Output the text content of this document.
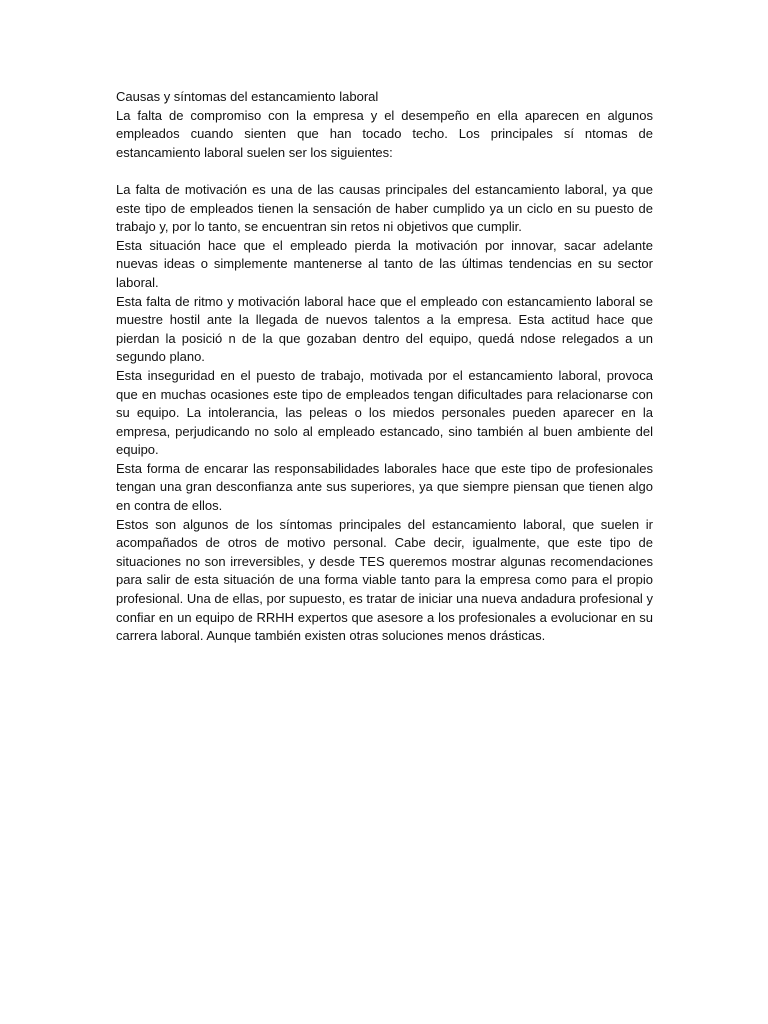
Causas y síntomas del estancamiento laboral

La falta de compromiso con la empresa y el desempeño en ella aparecen en algunos empleados cuando sienten que han tocado techo. Los principales sí ntomas de estancamiento laboral suelen ser los siguientes:

La falta de motivación es una de las causas principales del estancamiento laboral, ya que este tipo de empleados tienen la sensación de haber cumplido ya un ciclo en su puesto de trabajo y, por lo tanto, se encuentran sin retos ni objetivos que cumplir.

Esta situación hace que el empleado pierda la motivación por innovar, sacar adelante nuevas ideas o simplemente mantenerse al tanto de las últimas tendencias en su sector laboral.

Esta falta de ritmo y motivación laboral hace que el empleado con estancamiento laboral se muestre hostil ante la llegada de nuevos talentos a la empresa. Esta actitud hace que pierdan la posició n de la que gozaban dentro del equipo, quedá ndose relegados a un segundo plano.

Esta inseguridad en el puesto de trabajo, motivada por el estancamiento laboral, provoca que en muchas ocasiones este tipo de empleados tengan dificultades para relacionarse con su equipo. La intolerancia, las peleas o los miedos personales pueden aparecer en la empresa, perjudicando no solo al empleado estancado, sino también al buen ambiente del equipo.

Esta forma de encarar las responsabilidades laborales hace que este tipo de profesionales tengan una gran desconfianza ante sus superiores, ya que siempre piensan que tienen algo en contra de ellos.

Estos son algunos de los síntomas principales del estancamiento laboral, que suelen ir acompañados de otros de motivo personal. Cabe decir, igualmente, que este tipo de situaciones no son irreversibles, y desde TES queremos mostrar algunas recomendaciones para salir de esta situación de una forma viable tanto para la empresa como para el propio profesional. Una de ellas, por supuesto, es tratar de iniciar una nueva andadura profesional y confiar en un equipo de RRHH expertos que asesore a los profesionales a evolucionar en su carrera laboral. Aunque también existen otras soluciones menos drásticas.
